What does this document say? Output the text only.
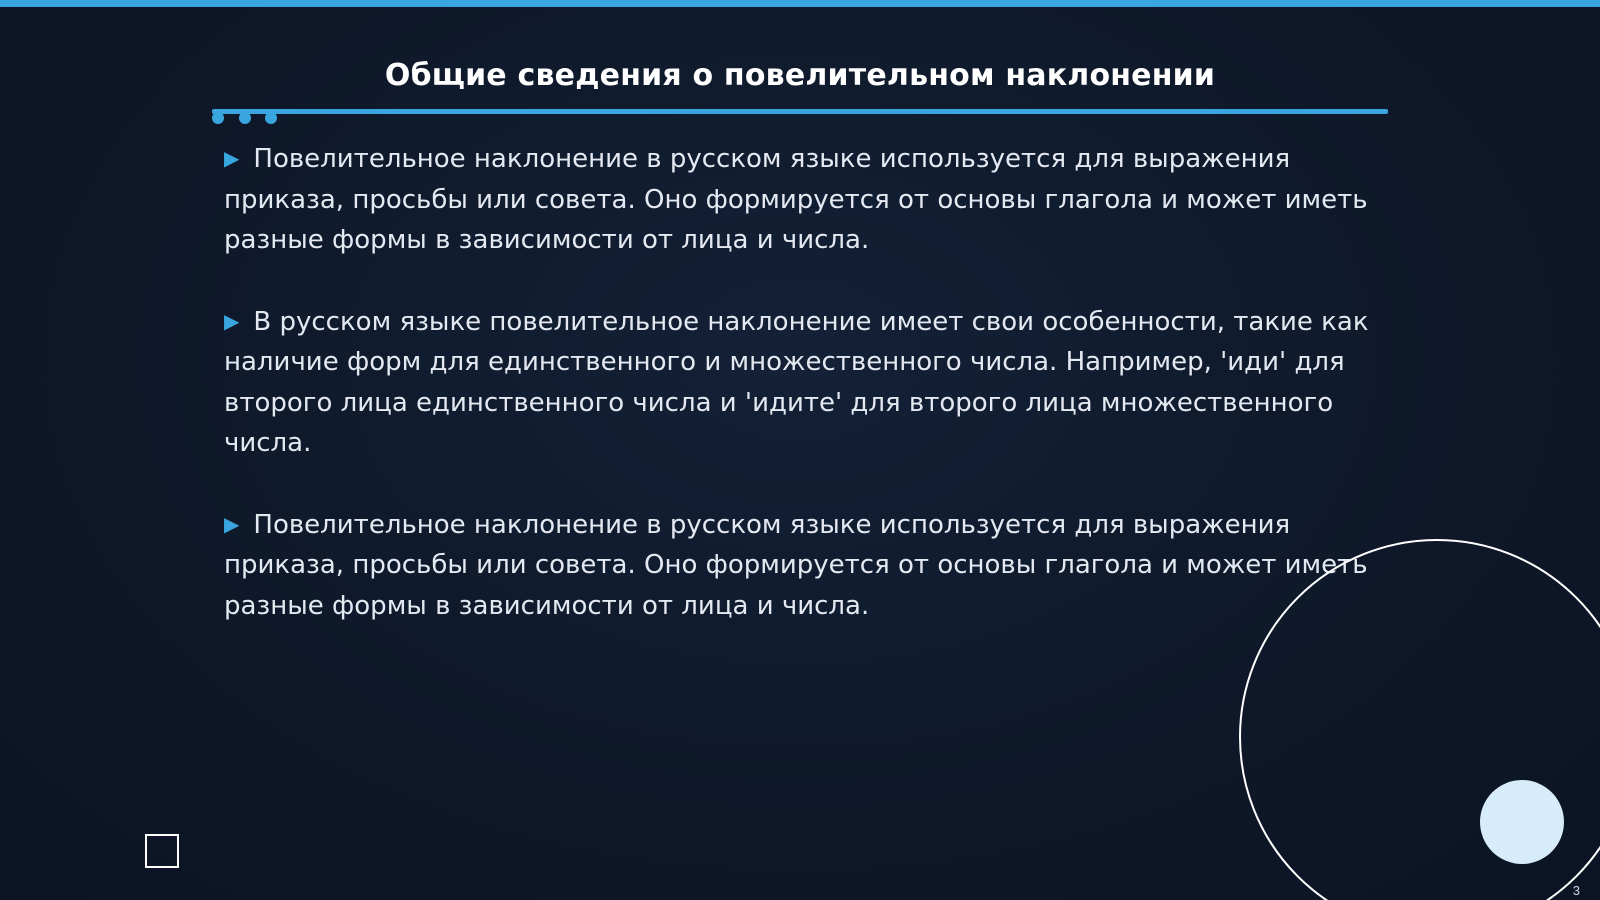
Общие сведения о повелительном наклонении

▶ Повелительное наклонение в русском языке используется для выражения приказа, просьбы или совета. Оно формируется от основы глагола и может иметь разные формы в зависимости от лица и числа.

▶ В русском языке повелительное наклонение имеет свои особенности, такие как наличие форм для единственного и множественного числа. Например, 'иди' для второго лица единственного числа и 'идите' для второго лица множественного числа.

▶ Повелительное наклонение в русском языке используется для выражения приказа, просьбы или совета. Оно формируется от основы глагола и может иметь разные формы в зависимости от лица и числа.

3
